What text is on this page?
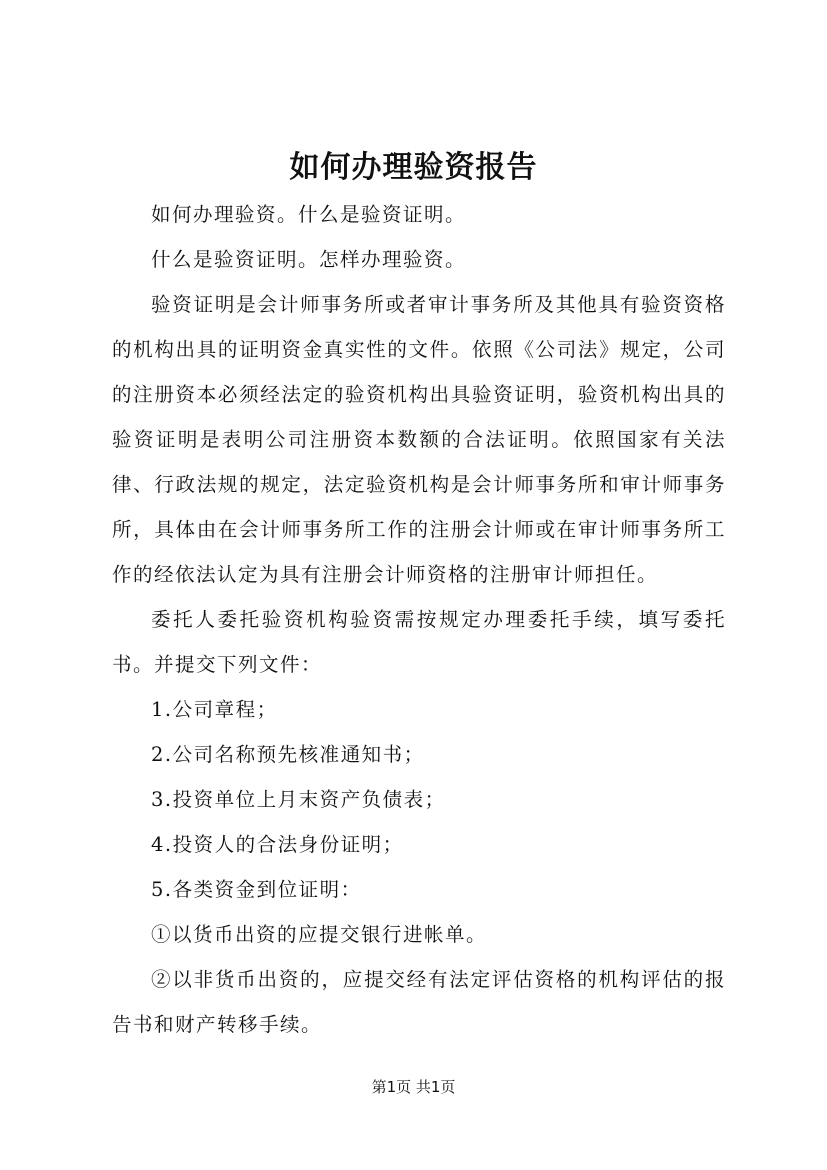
如何办理验资报告

如何办理验资。什么是验资证明。

什么是验资证明。怎样办理验资。

验资证明是会计师事务所或者审计事务所及其他具有验资资格的机构出具的证明资金真实性的文件。依照《公司法》规定，公司的注册资本必须经法定的验资机构出具验资证明，验资机构出具的验资证明是表明公司注册资本数额的合法证明。依照国家有关法律、行政法规的规定，法定验资机构是会计师事务所和审计师事务所，具体由在会计师事务所工作的注册会计师或在审计师事务所工作的经依法认定为具有注册会计师资格的注册审计师担任。

委托人委托验资机构验资需按规定办理委托手续，填写委托书。并提交下列文件：

1.公司章程；

2.公司名称预先核准通知书；

3.投资单位上月末资产负债表；

4.投资人的合法身份证明；

5.各类资金到位证明：

①以货币出资的应提交银行进帐单。

②以非货币出资的，应提交经有法定评估资格的机构评估的报告书和财产转移手续。

第1页 共1页
